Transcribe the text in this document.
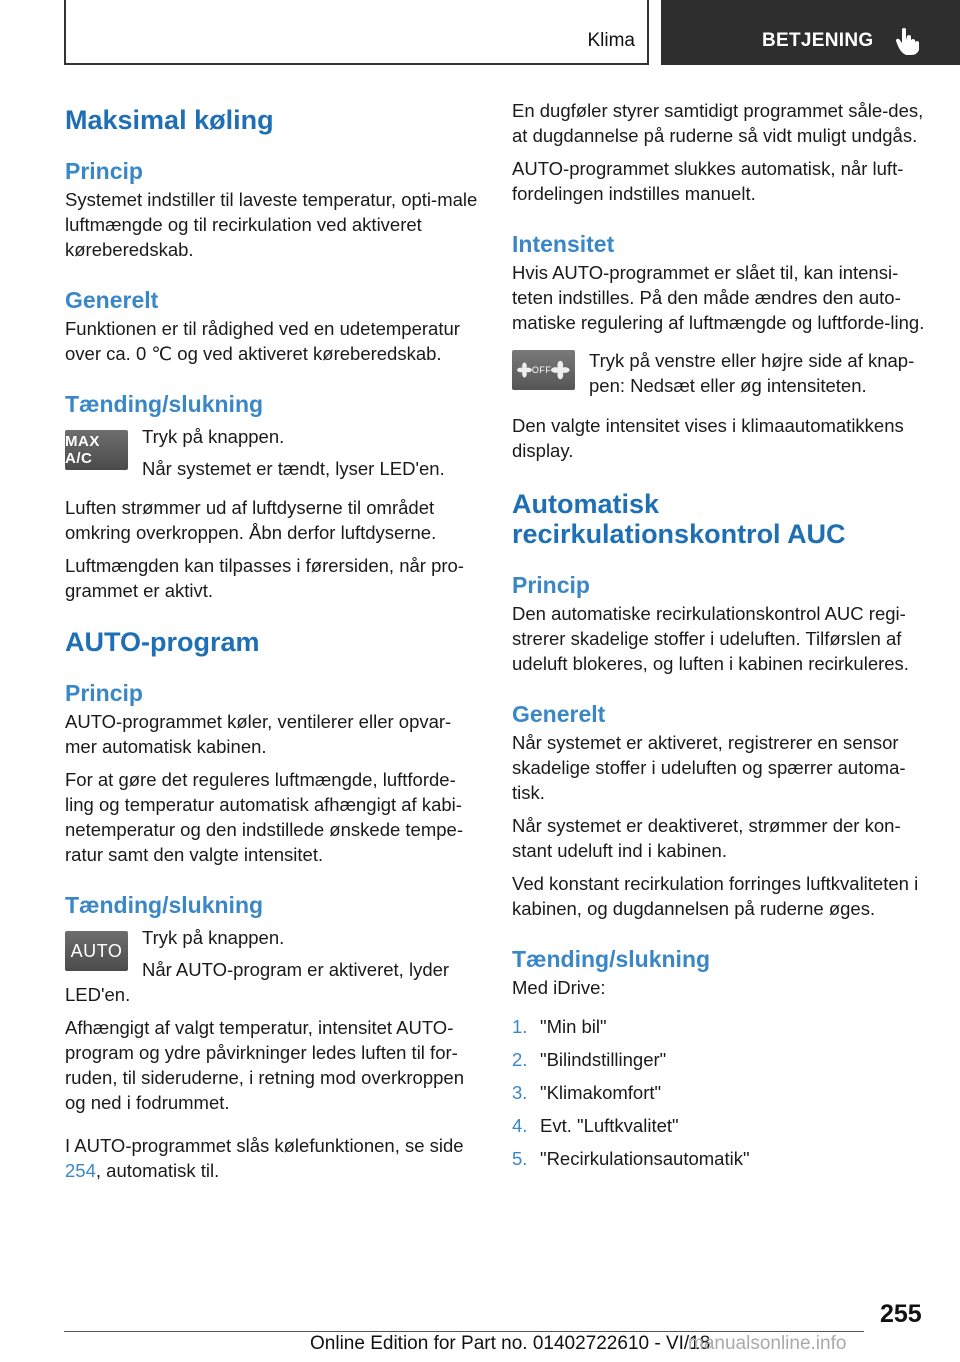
Klima	BETJENING
Maksimal køling
Princip

Systemet indstiller til laveste temperatur, opti-male luftmængde og til recirkulation ved aktiveret køreberedskab.

Generelt

Funktionen er til rådighed ved en udetemperatur over ca. 0 ℃ og ved aktiveret køreberedskab.

Tænding/slukning
MAX A/C

Tryk på knappen.

Når systemet er tændt, lyser LED'en.

Luften strømmer ud af luftdyserne til området omkring overkroppen. Åbn derfor luftdyserne.

Luftmængden kan tilpasses i førersiden, når pro-grammet er aktivt.

AUTO-program
Princip

AUTO-programmet køler, ventilerer eller opvar-mer automatisk kabinen.

For at gøre det reguleres luftmængde, luftforde-ling og temperatur automatisk afhængigt af kabi-netemperatur og den indstillede ønskede tempe-ratur samt den valgte intensitet.

Tænding/slukning
AUTO

Tryk på knappen.

Når AUTO-program er aktiveret, lyder LED'en.

Afhængigt af valgt temperatur, intensitet AUTO-program og ydre påvirkninger ledes luften til for-ruden, til sideruderne, i retning mod overkroppen og ned i fodrummet.

I AUTO-programmet slås kølefunktionen, se side 254, automatisk til.

En dugføler styrer samtidigt programmet såle-des, at dugdannelse på ruderne så vidt muligt undgås.

AUTO-programmet slukkes automatisk, når luft-fordelingen indstilles manuelt.

Intensitet

Hvis AUTO-programmet er slået til, kan intensi-teten indstilles. På den måde ændres den auto-matiske regulering af luftmængde og luftforde-ling.

OFF	Tryk på venstre eller højre side af knap-pen: Nedsæt eller øg intensiteten.

Den valgte intensitet vises i klimaautomatikkens display.

Automatisk recirkulationskontrol AUC
Princip

Den automatiske recirkulationskontrol AUC regi-strerer skadelige stoffer i udeluften. Tilførslen af udeluft blokeres, og luften i kabinen recirkuleres.

Generelt

Når systemet er aktiveret, registrerer en sensor skadelige stoffer i udeluften og spærrer automa-tisk.

Når systemet er deaktiveret, strømmer der kon-stant udeluft ind i kabinen.

Ved konstant recirkulation forringes luftkvaliteten i kabinen, og dugdannelsen på ruderne øges.

Tænding/slukning

Med iDrive:

1. "Min bil"
2. "Bilindstillinger"
3. "Klimakomfort"
4. Evt. "Luftkvalitet"
5. "Recirkulationsautomatik"
255
Online Edition for Part no. 01402722610 - VI/18
manualsonline.info
